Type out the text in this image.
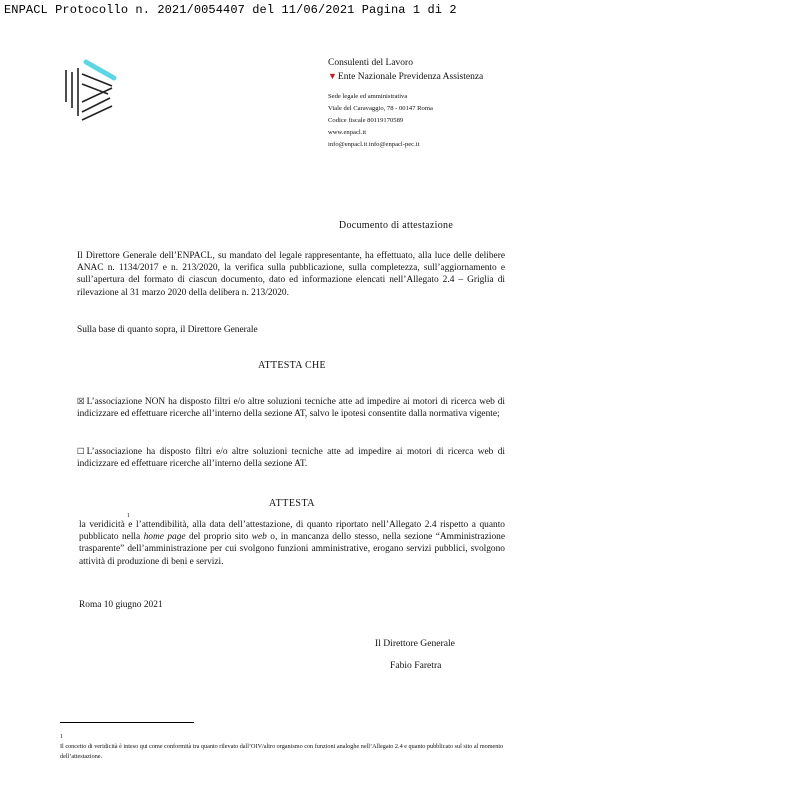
ENPACL Protocollo n. 2021/0054407 del 11/06/2021 Pagina 1 di 2
Consulenti del Lavoro
▼Ente Nazionale Previdenza Assistenza
Sede legale ed amministrativa
Viale del Caravaggio, 78 - 00147 Roma
Codice fiscale 80119170589
www.enpacl.it
info@enpacl.it info@enpacl-pec.it
Documento di attestazione
Il Direttore Generale dell’ENPACL, su mandato del legale rappresentante, ha effettuato, alla luce delle delibere ANAC n. 1134/2017 e n. 213/2020, la verifica sulla pubblicazione, sulla completezza, sull’aggiornamento e sull’apertura del formato di ciascun documento, dato ed informazione elencati nell’Allegato 2.4 – Griglia di rilevazione al 31 marzo 2020 della delibera n. 213/2020.
Sulla base di quanto sopra, il Direttore Generale
ATTESTA CHE
☒ L’associazione NON ha disposto filtri e/o altre soluzioni tecniche atte ad impedire ai motori di ricerca web di indicizzare ed effettuare ricerche all’interno della sezione AT, salvo le ipotesi consentite dalla normativa vigente;
☐ L’associazione ha disposto filtri e/o altre soluzioni tecniche atte ad impedire ai motori di ricerca web di indicizzare ed effettuare ricerche all’interno della sezione AT.
ATTESTA
1
la veridicità e l’attendibilità, alla data dell’attestazione, di quanto riportato nell’Allegato 2.4 rispetto a quanto pubblicato nella home page del proprio sito web o, in mancanza dello stesso, nella sezione “Amministrazione trasparente” dell’amministrazione per cui svolgono funzioni amministrative, erogano servizi pubblici, svolgono attività di produzione di beni e servizi.
Roma 10 giugno 2021
Il Direttore Generale
Fabio Faretra
1
Il concetto di veridicità è inteso qui come conformità tra quanto rilevato dall’OIV/altro organismo con funzioni analoghe nell’Allegato 2.4 e quanto pubblicato sul sito al momento dell’attestazione.
